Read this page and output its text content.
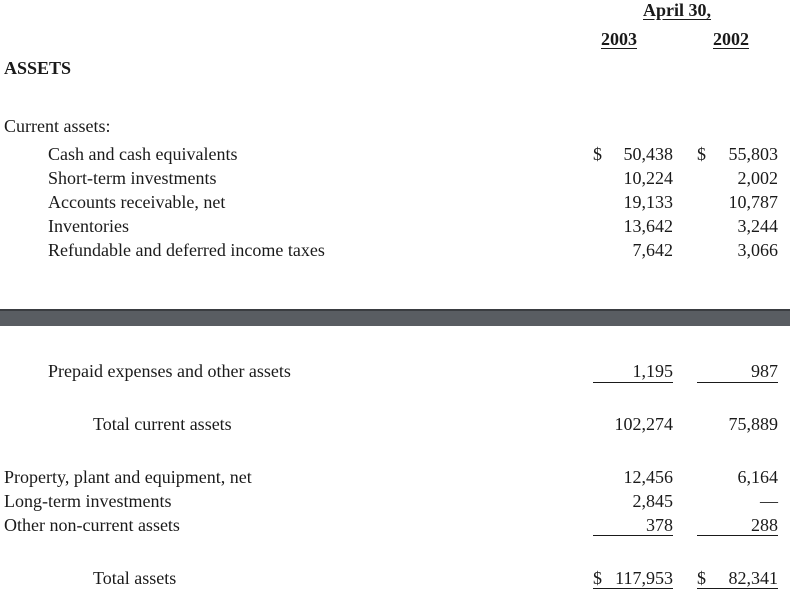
April 30,
2003	2002
ASSETS
Current assets:
Cash and cash equivalents	$ 50,438 $ 55,803
Short-term investments	10,224	2,002
Accounts receivable, net	19,133	10,787
Inventories	13,642	3,244
Refundable and deferred income taxes	7,642	3,066
Prepaid expenses and other assets	1,195	987
Total current assets	102,274	75,889
Property, plant and equipment, net	12,456	6,164
Long-term investments	2,845	—
Other non-current assets	378	288
Total assets	$ 117,953 $ 82,341
